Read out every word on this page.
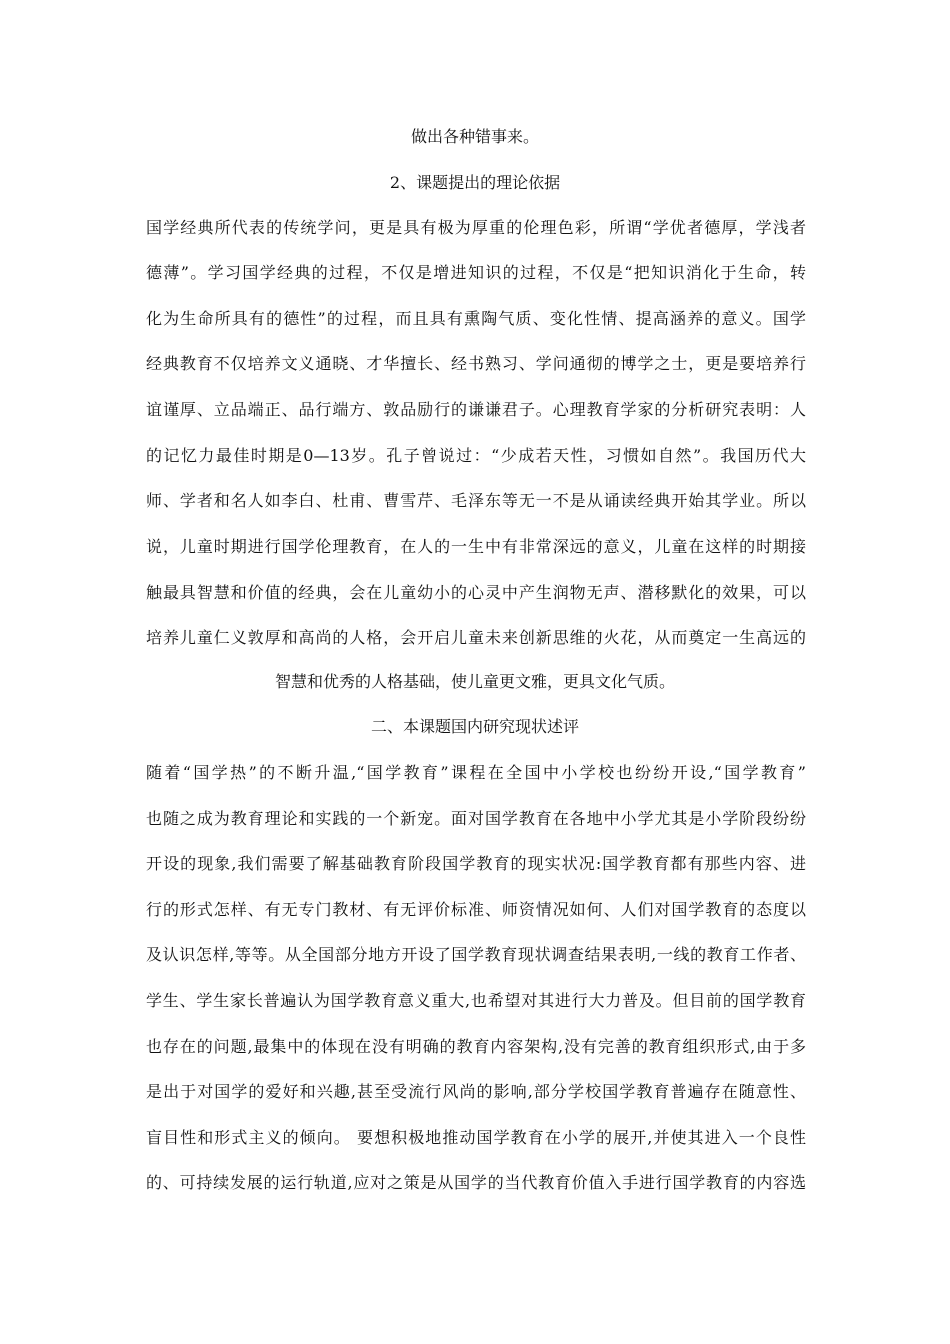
做出各种错事来。
2、课题提出的理论依据
国学经典所代表的传统学问，更是具有极为厚重的伦理色彩，所谓“学优者德厚，学浅者
德薄”。学习国学经典的过程，不仅是增进知识的过程，不仅是“把知识消化于生命，转
化为生命所具有的德性”的过程，而且具有熏陶气质、变化性情、提高涵养的意义。国学
经典教育不仅培养文义通晓、才华擅长、经书熟习、学问通彻的博学之士，更是要培养行
谊谨厚、立品端正、品行端方、敦品励行的谦谦君子。心理教育学家的分析研究表明：人
的记忆力最佳时期是0—13岁。孔子曾说过：“少成若天性，习惯如自然”。我国历代大
师、学者和名人如李白、杜甫、曹雪芹、毛泽东等无一不是从诵读经典开始其学业。所以
说，儿童时期进行国学伦理教育，在人的一生中有非常深远的意义，儿童在这样的时期接
触最具智慧和价值的经典，会在儿童幼小的心灵中产生润物无声、潜移默化的效果，可以
培养儿童仁义敦厚和高尚的人格，会开启儿童未来创新思维的火花，从而奠定一生高远的
智慧和优秀的人格基础，使儿童更文雅，更具文化气质。
二、本课题国内研究现状述评
随着“国学热”的不断升温,“国学教育”课程在全国中小学校也纷纷开设,“国学教育”
也随之成为教育理论和实践的一个新宠。面对国学教育在各地中小学尤其是小学阶段纷纷
开设的现象,我们需要了解基础教育阶段国学教育的现实状况:国学教育都有那些内容、进
行的形式怎样、有无专门教材、有无评价标准、师资情况如何、人们对国学教育的态度以
及认识怎样,等等。从全国部分地方开设了国学教育现状调查结果表明,一线的教育工作者、
学生、学生家长普遍认为国学教育意义重大,也希望对其进行大力普及。但目前的国学教育
也存在的问题,最集中的体现在没有明确的教育内容架构,没有完善的教育组织形式,由于多
是出于对国学的爱好和兴趣,甚至受流行风尚的影响,部分学校国学教育普遍存在随意性、
盲目性和形式主义的倾向。 要想积极地推动国学教育在小学的展开,并使其进入一个良性
的、可持续发展的运行轨道,应对之策是从国学的当代教育价值入手进行国学教育的内容选
